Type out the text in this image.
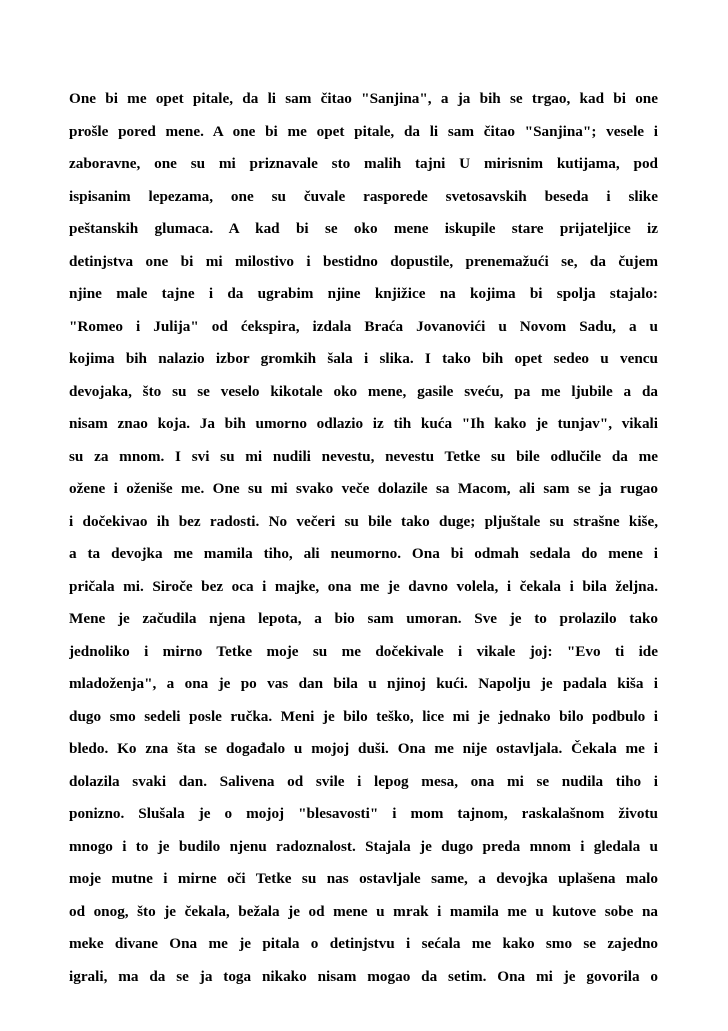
One bi me opet pitale, da li sam čitao "Sanjina", a ja bih se trgao, kad bi one
prošle pored mene. A one bi me opet pitale, da li sam čitao "Sanjina"; vesele i
zaboravne, one su mi priznavale sto malih tajni U mirisnim kutijama, pod
ispisanim lepezama, one su čuvale rasporede svetosavskih beseda i slike
peštanskih glumaca. A kad bi se oko mene iskupile stare prijateljice iz
detinjstva one bi mi milostivo i bestidno dopustile, prenemažući se, da čujem
njine male tajne i da ugrabim njine knjižice na kojima bi spolja stajalo:
"Romeo i Julija" od ćekspira, izdala Braća Jovanovići u Novom Sadu, a u
kojima bih nalazio izbor gromkih šala i slika. I tako bih opet sedeo u vencu
devojaka, što su se veselo kikotale oko mene, gasile sveću, pa me ljubile a da
nisam znao koja. Ja bih umorno odlazio iz tih kuća "Ih kako je tunjav", vikali
su za mnom. I svi su mi nudili nevestu, nevestu Tetke su bile odlučile da me
ožene i oženiše me. One su mi svako veče dolazile sa Macom, ali sam se ja rugao
i dočekivao ih bez radosti. No večeri su bile tako duge; pljuštale su strašne kiše,
a ta devojka me mamila tiho, ali neumorno. Ona bi odmah sedala do mene i
pričala mi. Siroče bez oca i majke, ona me je davno volela, i čekala i bila željna.
Mene je začudila njena lepota, a bio sam umoran. Sve je to prolazilo tako
jednoliko i mirno Tetke moje su me dočekivale i vikale joj: "Evo ti ide
mladoženja", a ona je po vas dan bila u njinoj kući. Napolju je padala kiša i
dugo smo sedeli posle ručka. Meni je bilo teško, lice mi je jednako bilo podbulo i
bledo. Ko zna šta se događalo u mojoj duši. Ona me nije ostavljala. Čekala me i
dolazila svaki dan. Salivena od svile i lepog mesa, ona mi se nudila tiho i
ponizno. Slušala je o mojoj "blesavosti" i mom tajnom, raskalašnom životu
mnogo i to je budilo njenu radoznalost. Stajala je dugo preda mnom i gledala u
moje mutne i mirne oči Tetke su nas ostavljale same, a devojka uplašena malo
od onog, što je čekala, bežala je od mene u mrak i mamila me u kutove sobe na
meke divane Ona me je pitala o detinjstvu i sećala me kako smo se zajedno
igrali, ma da se ja toga nikako nisam mogao da setim. Ona mi je govorila o
